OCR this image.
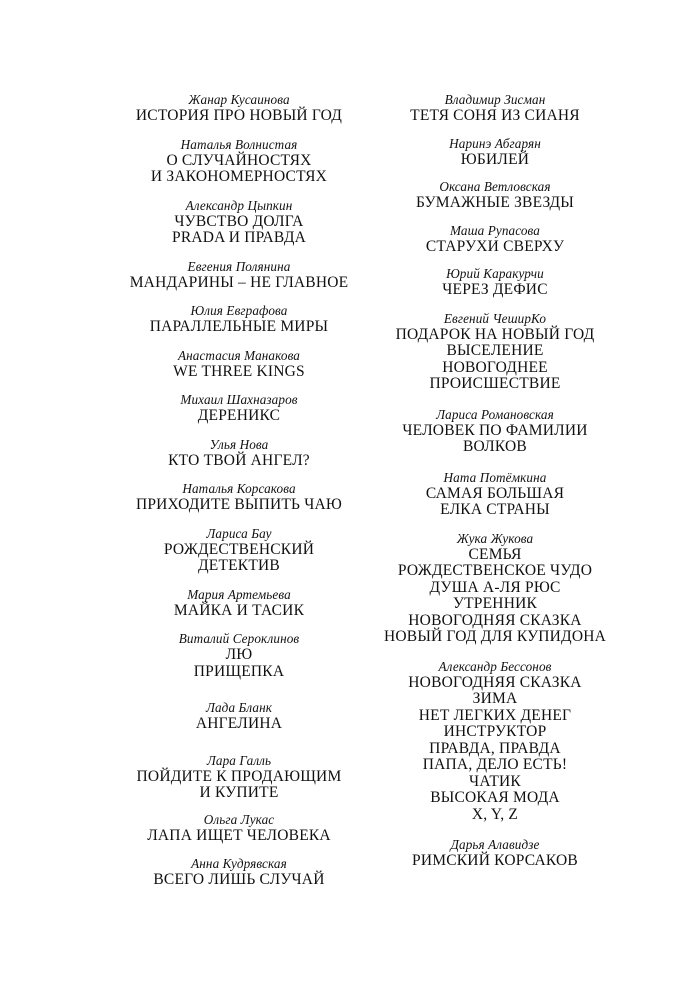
Жанар Кусаинова
ИСТОРИЯ ПРО НОВЫЙ ГОД
Наталья Волнистая
О СЛУЧАЙНОСТЯХ
И ЗАКОНОМЕРНОСТЯХ
Александр Цыпкин
ЧУВСТВО ДОЛГА
PRADA И ПРАВДА
Евгения Полянина
МАНДАРИНЫ – НЕ ГЛАВНОЕ
Юлия Евграфова
ПАРАЛЛЕЛЬНЫЕ МИРЫ
Анастасия Манакова
WE THREE KINGS
Михаил Шахназаров
ДЕРЕНИКС
Улья Нова
КТО ТВОЙ АНГЕЛ?
Наталья Корсакова
ПРИХОДИТЕ ВЫПИТЬ ЧАЮ
Лариса Бау
РОЖДЕСТВЕНСКИЙ
ДЕТЕКТИВ
Мария Артемьева
МАЙКА И ТАСИК
Виталий Сероклинов
ЛЮ
ПРИЩЕПКА
Лада Бланк
АНГЕЛИНА
Лара Галль
ПОЙДИТЕ К ПРОДАЮЩИМ
И КУПИТЕ
Ольга Лукас
ЛАПА ИЩЕТ ЧЕЛОВЕКА
Анна Кудрявская
ВСЕГО ЛИШЬ СЛУЧАЙ
Владимир Зисман
ТЕТЯ СОНЯ ИЗ СИАНЯ
Наринэ Абгарян
ЮБИЛЕЙ
Оксана Ветловская
БУМАЖНЫЕ ЗВЕЗДЫ
Маша Рупасова
СТАРУХИ СВЕРХУ
Юрий Каракурчи
ЧЕРЕЗ ДЕФИС
Евгений ЧеширКо
ПОДАРОК НА НОВЫЙ ГОД
ВЫСЕЛЕНИЕ
НОВОГОДНЕЕ
ПРОИСШЕСТВИЕ
Лариса Романовская
ЧЕЛОВЕК ПО ФАМИЛИИ
ВОЛКОВ
Ната Потёмкина
САМАЯ БОЛЬШАЯ
ЕЛКА СТРАНЫ
Жука Жукова
СЕМЬЯ
РОЖДЕСТВЕНСКОЕ ЧУДО
ДУША А-ЛЯ РЮС
УТРЕННИК
НОВОГОДНЯЯ СКАЗКА
НОВЫЙ ГОД ДЛЯ КУПИДОНА
Александр Бессонов
НОВОГОДНЯЯ СКАЗКА
ЗИМА
НЕТ ЛЕГКИХ ДЕНЕГ
ИНСТРУКТОР
ПРАВДА, ПРАВДА
ПАПА, ДЕЛО ЕСТЬ!
ЧАТИК
ВЫСОКАЯ МОДА
X, Y, Z
Дарья Алавидзе
РИМСКИЙ КОРСАКОВ
